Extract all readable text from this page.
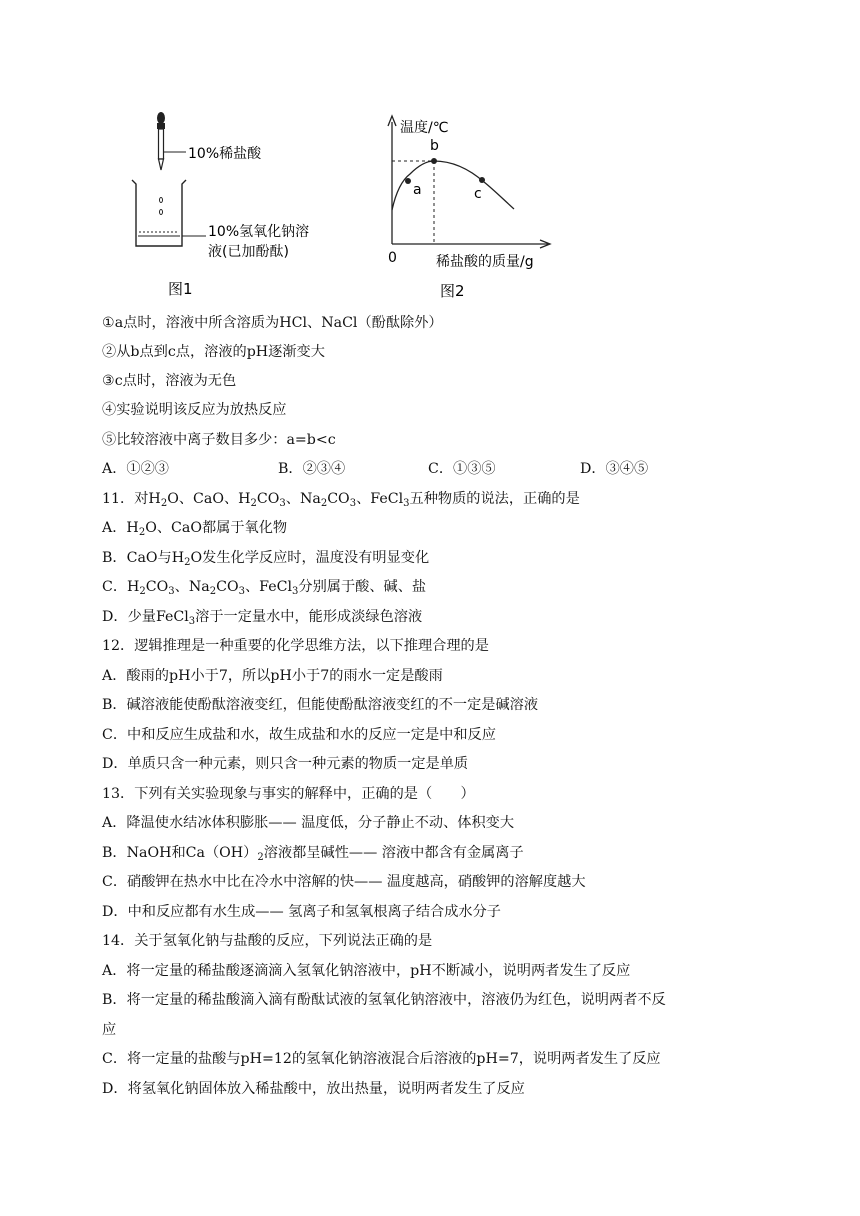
10%稀盐酸
10%氢氧化钠溶
液(已加酚酞)
图1
温度/℃
0	稀盐酸的质量/g
a
b
c
图2
①a点时，溶液中所含溶质为HCl、NaCl（酚酞除外）
②从b点到c点，溶液的pH逐渐变大
③c点时，溶液为无色
④实验说明该反应为放热反应
⑤比较溶液中离子数目多少：a=b<c
A．①②③	B．②③④	C．①③⑤	D．③④⑤
11．对$H_2O$、CaO、$H_2CO_3$、$Na_2CO_3$、FeCl$_3$五种物质的说法，正确的是
A．$H_2O$、CaO都属于氧化物
B．CaO与$H_2O$发生化学反应时，温度没有明显变化
C．$H_2CO_3$、$Na_2CO_3$、FeCl$_3$分别属于酸、碱、盐
D．少量FeCl$_3$溶于一定量水中，能形成淡绿色溶液
12．逻辑推理是一种重要的化学思维方法，以下推理合理的是
A．酸雨的pH小于7，所以pH小于7的雨水一定是酸雨
B．碱溶液能使酚酞溶液变红，但能使酚酞溶液变红的不一定是碱溶液
C．中和反应生成盐和水，故生成盐和水的反应一定是中和反应
D．单质只含一种元素，则只含一种元素的物质一定是单质
13．下列有关实验现象与事实的解释中，正确的是（　　）
A．降温使水结冰体积膨胀—— 温度低，分子静止不动、体积变大
B．NaOH和$Ca(OH)_2$溶液都呈碱性—— 溶液中都含有金属离子
C．硝酸钾在热水中比在冷水中溶解的快—— 温度越高，硝酸钾的溶解度越大
D．中和反应都有水生成—— 氢离子和氢氧根离子结合成水分子
14．关于氢氧化钠与盐酸的反应，下列说法正确的是
A．将一定量的稀盐酸逐滴滴入氢氧化钠溶液中，pH不断减小，说明两者发生了反应
B．将一定量的稀盐酸滴入滴有酚酞试液的氢氧化钠溶液中，溶液仍为红色，说明两者不反
应
C．将一定量的盐酸与pH=12的氢氧化钠溶液混合后溶液的pH=7，说明两者发生了反应
D．将氢氧化钠固体放入稀盐酸中，放出热量，说明两者发生了反应
